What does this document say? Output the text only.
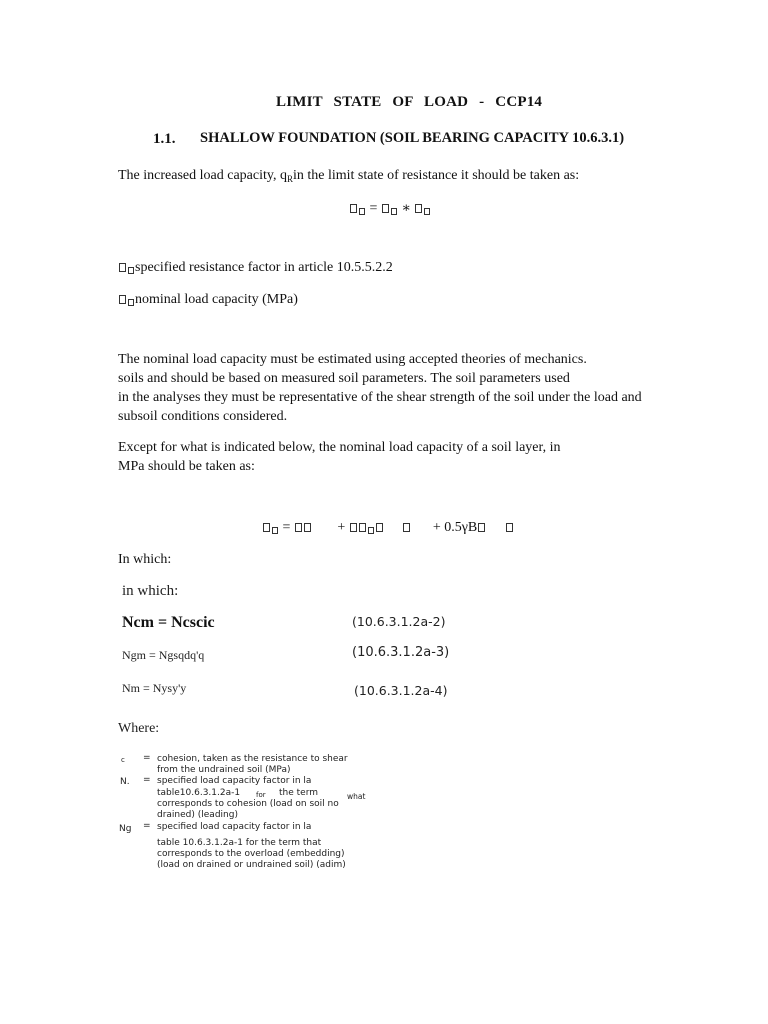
LIMIT STATE OF LOAD - CCP14
1.1. SHALLOW FOUNDATION (SOIL BEARING CAPACITY 10.6.3.1)
The increased load capacity, $q_Rin$ the limit state of resistance it should be taken as:
= ∗
specified resistance factor in article 10.5.5.2.2
nominal load capacity (MPa)
The nominal load capacity must be estimated using accepted theories of mechanics.
soils and should be based on measured soil parameters. The soil parameters used
in the analyses they must be representative of the shear strength of the soil under the load and
subsoil conditions considered.
Except for what is indicated below, the nominal load capacity of a soil layer, in
MPa should be taken as:
=	+	+ 0.5γB
In which:
in which:
Ncm = Ncscic	(10.6.3.1.2a-2)
Ngm = Ngsqdq'q	(10.6.3.1.2a-3)
Nm = Nysy'y	(10.6.3.1.2a-4)
Where:
c = cohesion, taken as the resistance to shear
from the undrained soil (MPa)
N. = specified load capacity factor in la
table10.6.3.1.2a-1 for the term	what
corresponds to cohesion (load on soil no
drained) (leading)
Ng = specified load capacity factor in la
table 10.6.3.1.2a-1 for the term that
corresponds to the overload (embedding)
(load on drained or undrained soil) (adim)
